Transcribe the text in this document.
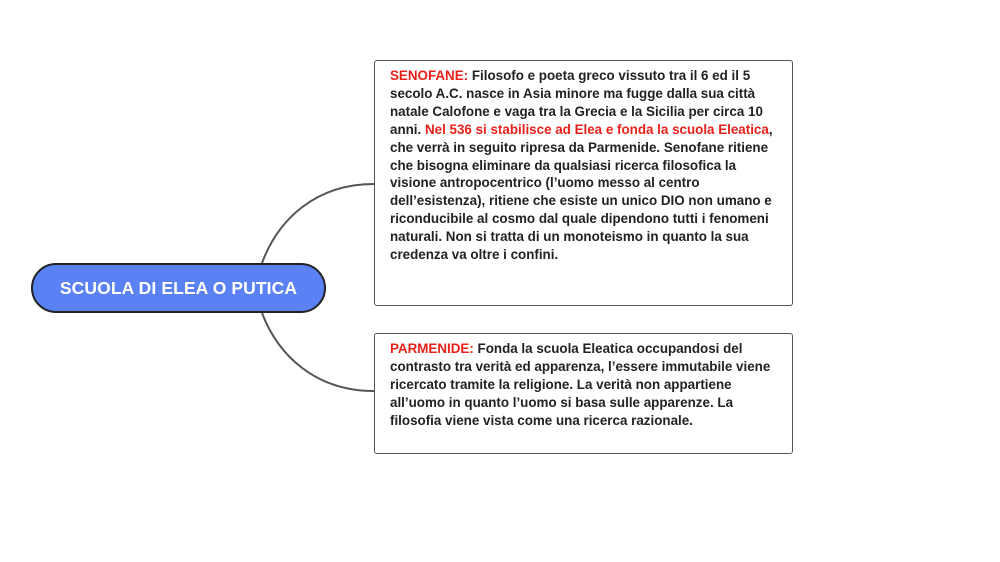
SCUOLA DI ELEA O PUTICA
SENOFANE: Filosofo e poeta greco vissuto tra il 6 ed il 5 secolo A.C. nasce in Asia minore ma fugge dalla sua città natale Calofone e vaga tra la Grecia e la Sicilia per circa 10 anni. Nel 536 si stabilisce ad Elea e fonda la scuola Eleatica, che verrà in seguito ripresa da Parmenide. Senofane ritiene che bisogna eliminare da qualsiasi ricerca filosofica la visione antropocentrico (l’uomo messo al centro dell’esistenza), ritiene che esiste un unico DIO non umano e riconducibile al cosmo dal quale dipendono tutti i fenomeni naturali. Non si tratta di un monoteismo in quanto la sua credenza va oltre i confini.
PARMENIDE: Fonda la scuola Eleatica occupandosi del contrasto tra verità ed apparenza, l’essere immutabile viene ricercato tramite la religione. La verità non appartiene all’uomo in quanto l’uomo si basa sulle apparenze. La filosofia viene vista come una ricerca razionale.
